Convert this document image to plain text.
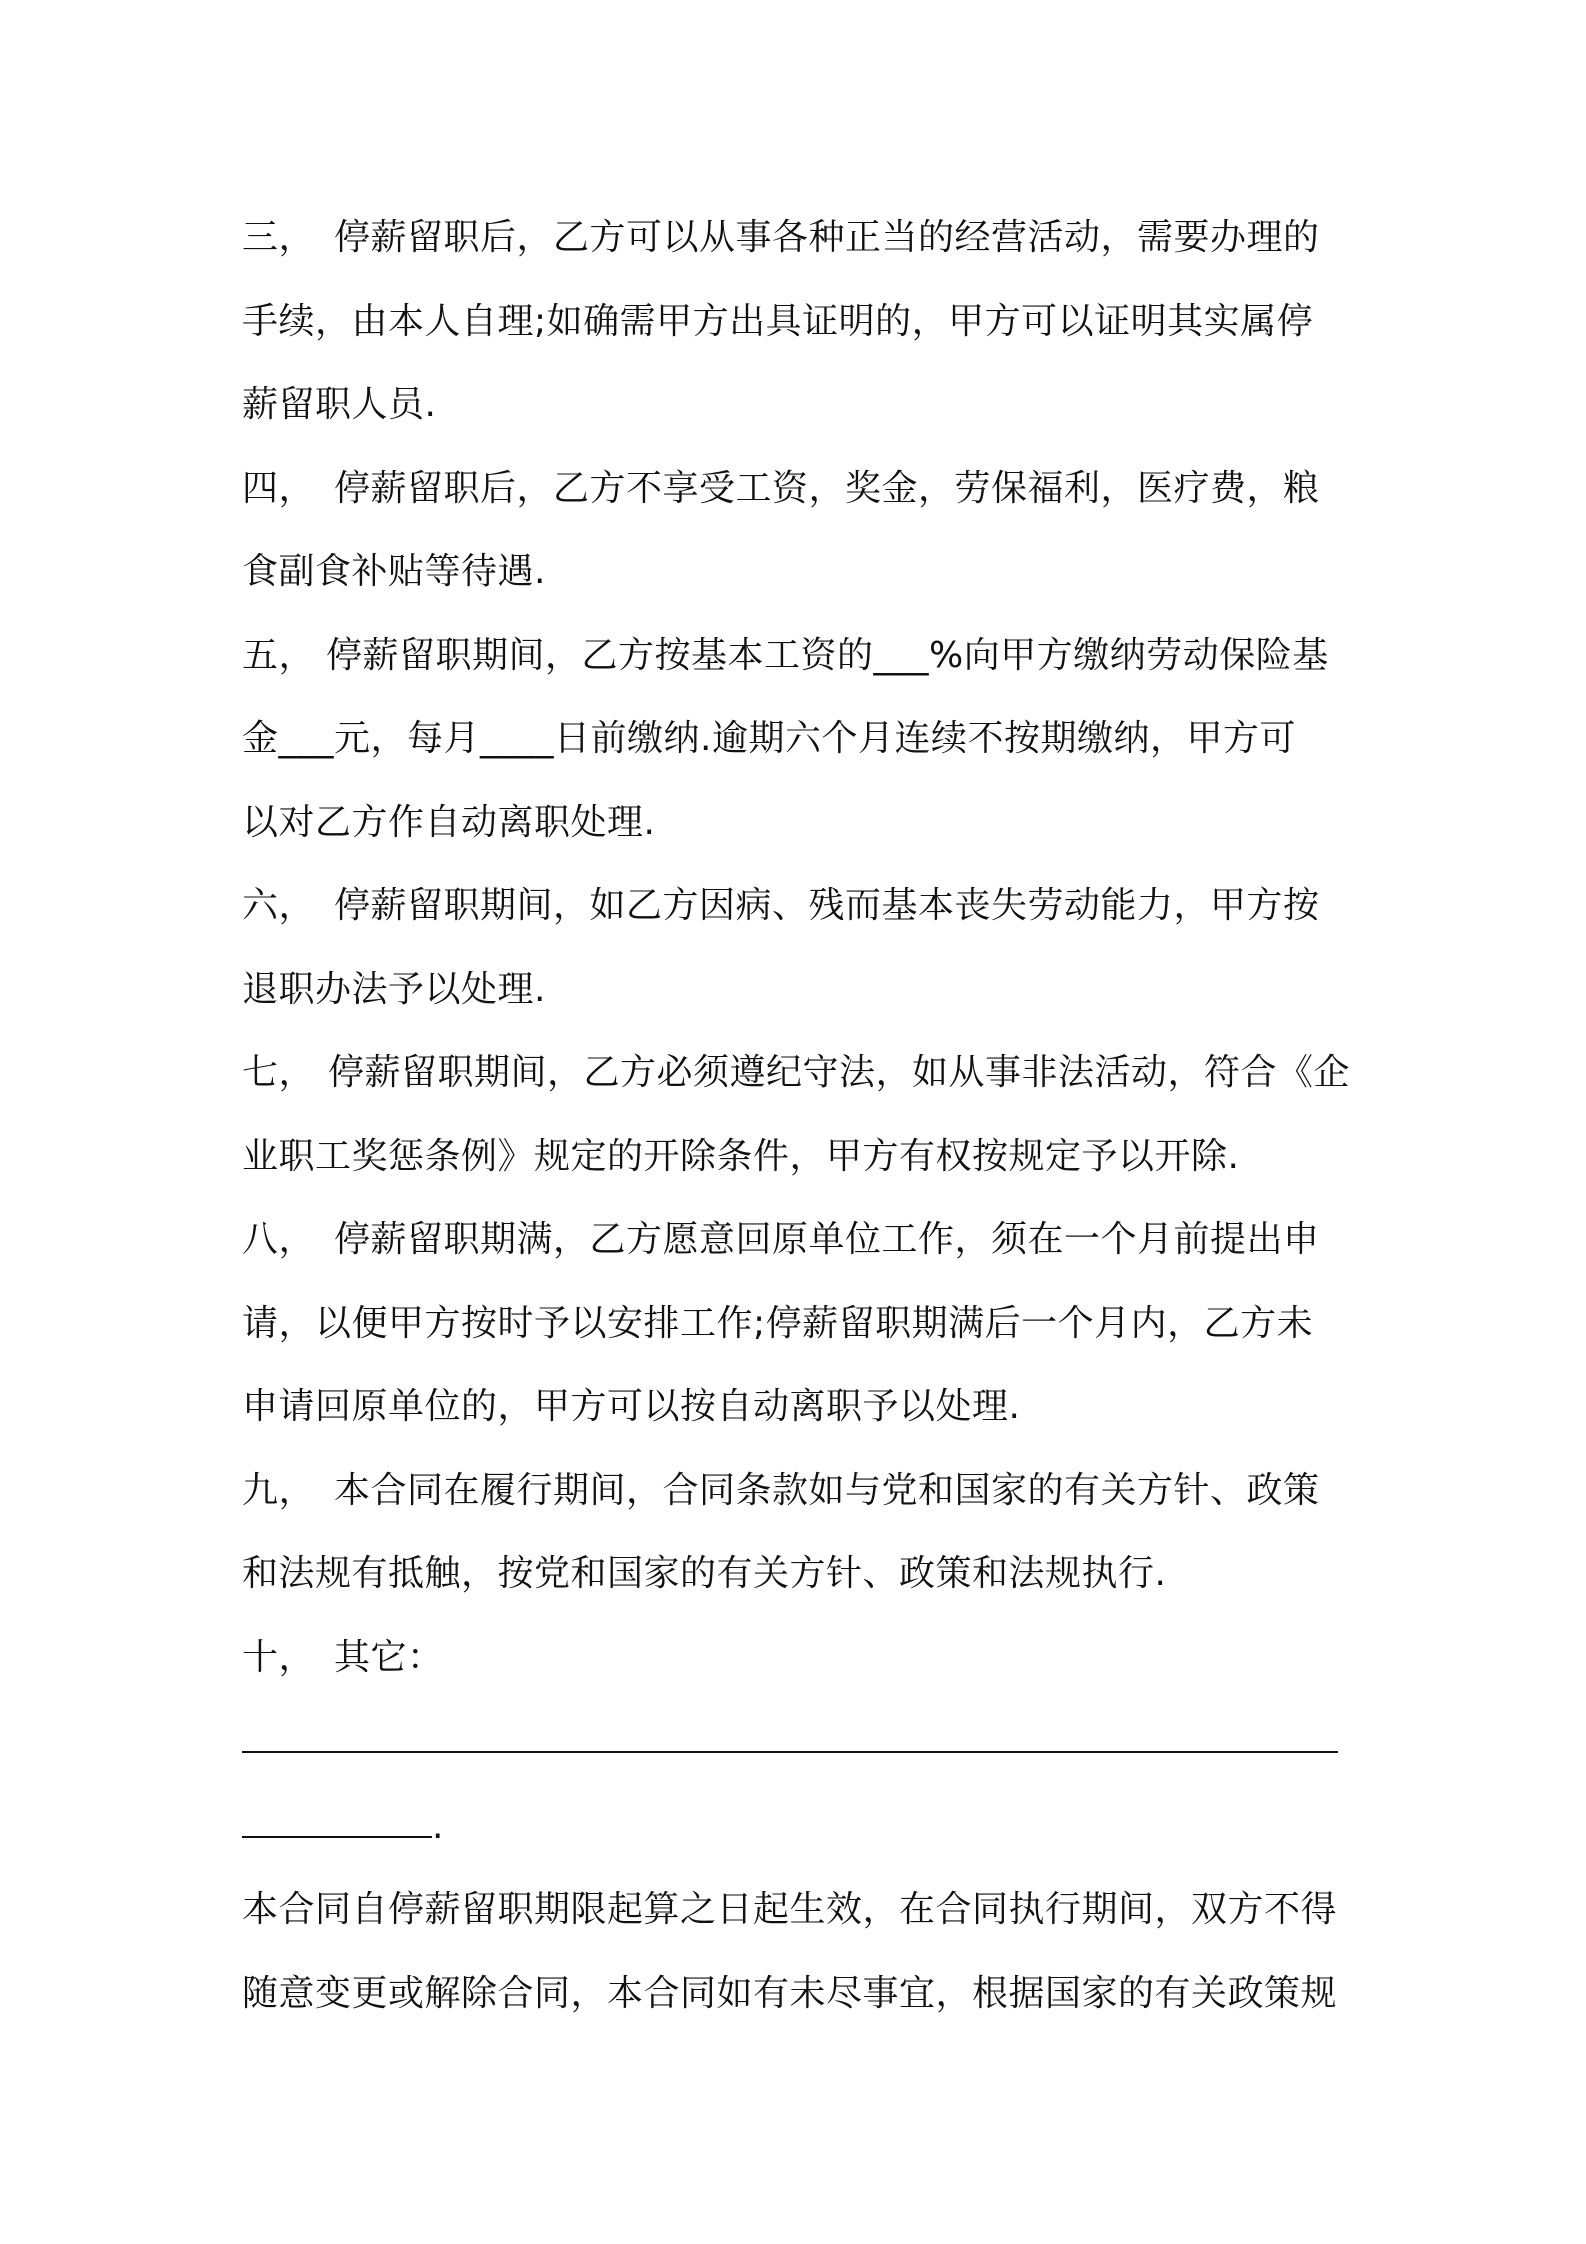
三， 停薪留职后，乙方可以从事各种正当的经营活动，需要办理的
手续，由本人自理;如确需甲方出具证明的，甲方可以证明其实属停
薪留职人员.
四， 停薪留职后，乙方不享受工资，奖金，劳保福利，医疗费，粮
食副食补贴等待遇.
五， 停薪留职期间，乙方按基本工资的___%向甲方缴纳劳动保险基
金___元，每月____日前缴纳.逾期六个月连续不按期缴纳，甲方可
以对乙方作自动离职处理.
六， 停薪留职期间，如乙方因病、残而基本丧失劳动能力，甲方按
退职办法予以处理.
七， 停薪留职期间，乙方必须遵纪守法，如从事非法活动，符合《企
业职工奖惩条例》规定的开除条件，甲方有权按规定予以开除.
八， 停薪留职期满，乙方愿意回原单位工作，须在一个月前提出申
请，以便甲方按时予以安排工作;停薪留职期满后一个月内，乙方未
申请回原单位的，甲方可以按自动离职予以处理.
九， 本合同在履行期间，合同条款如与党和国家的有关方针、政策
和法规有抵触，按党和国家的有关方针、政策和法规执行.
十， 其它：
.
本合同自停薪留职期限起算之日起生效，在合同执行期间，双方不得
随意变更或解除合同，本合同如有未尽事宜，根据国家的有关政策规
